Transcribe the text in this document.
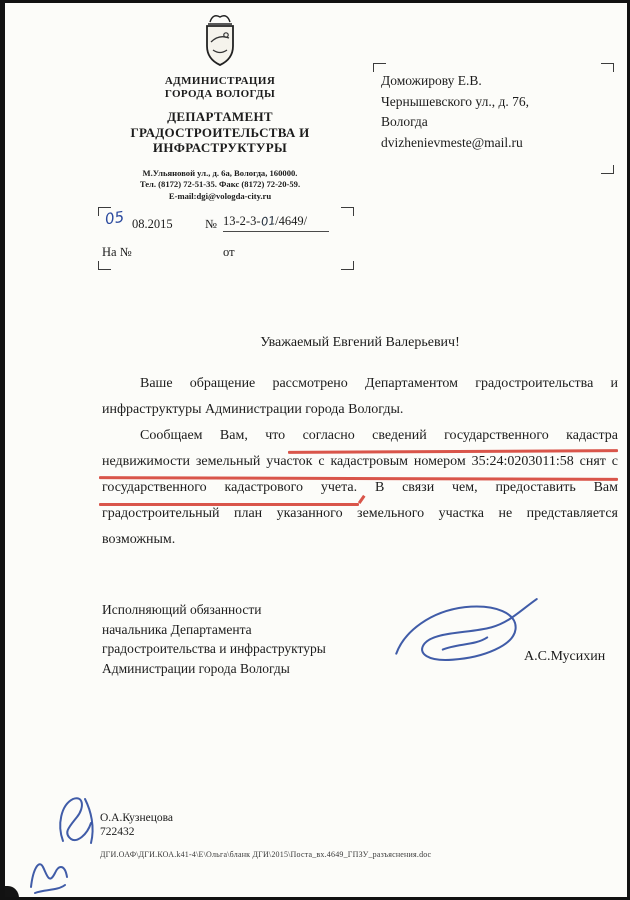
АДМИНИСТРАЦИЯ
ГОРОДА ВОЛОГДЫ
ДЕПАРТАМЕНТ
ГРАДОСТРОИТЕЛЬСТВА И
ИНФРАСТРУКТУРЫ
М.Ульяновой ул., д. 6а, Вологда, 160000.
Тел. (8172) 72-51-35. Факс (8172) 72-20-59.
E-mail:dgi@vologda-city.ru
05 08.2015	№ 13-2-3-01/4649/
На №	от
Доможирову Е.В.
Чернышевского ул., д. 76,
Вологда
dvizhenievmeste@mail.ru
Уважаемый Евгений Валерьевич!
Ваше обращение рассмотрено Департаментом градостроительства и
инфраструктуры Администрации города Вологды.
Сообщаем Вам, что согласно сведений государственного кадастра
недвижимости земельный участок с кадастровым номером 35:24:0203011:58 снят с
государственного кадастрового учета. В связи чем, предоставить Вам
градостроительный план указанного земельного участка не представляется
возможным.
Исполняющий обязанности
начальника Департамента
градостроительства и инфраструктуры
Администрации города Вологды
А.С.Мусихин
О.А.Кузнецова
722432
ДГИ.ОАФ\ДГИ.КОА.k41-4\Е\Ольга\бланк ДГИ\2015\Поста_вх.4649_ГПЗУ_разъяснения.doc
